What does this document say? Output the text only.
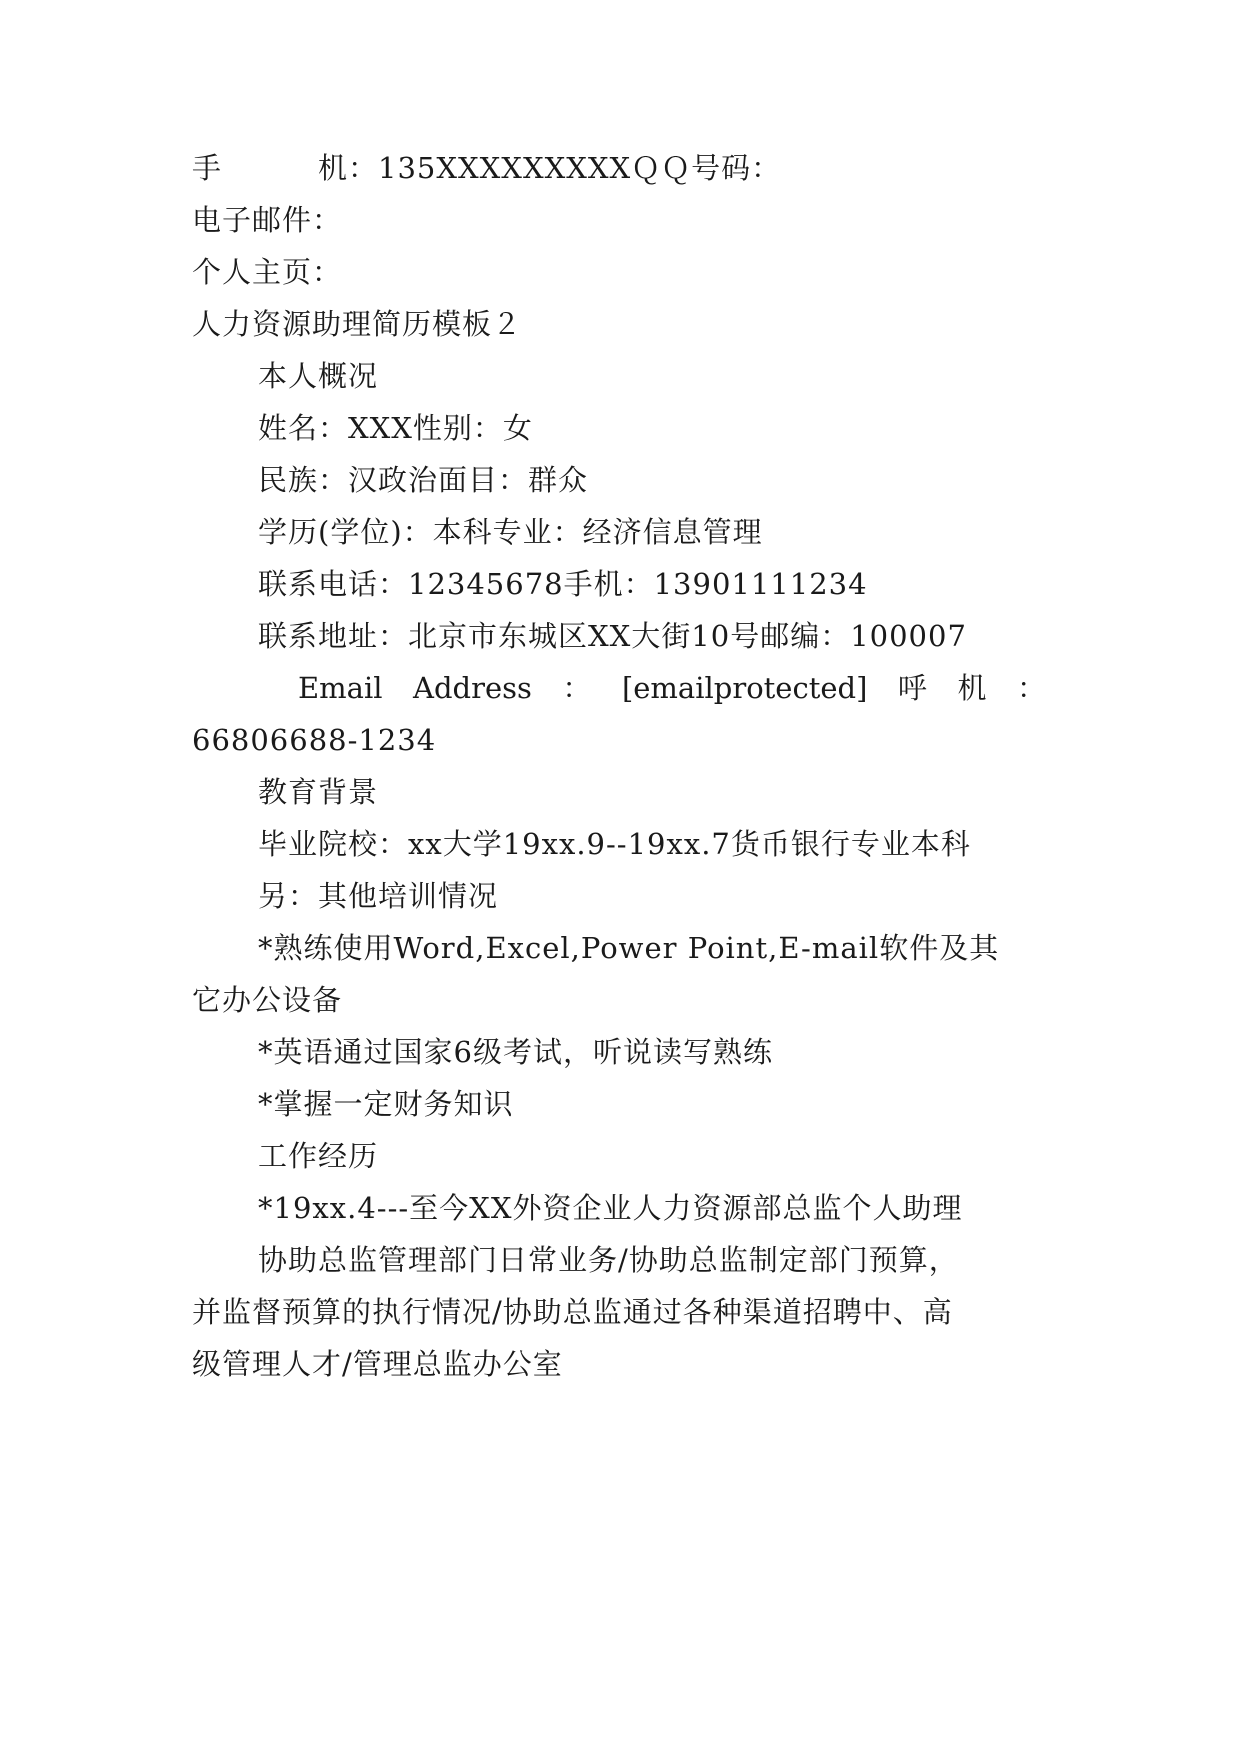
手	机：135XXXXXXXXXＱＱ号码：
电子邮件：
个人主页：
人力资源助理简历模板２
本人概况
姓名：XXX性别：女
民族：汉政治面目：群众
学历(学位)：本科专业：经济信息管理
联系电话：12345678手机：13901111234
联系地址：北京市东城区XX大街10号邮编：100007
Email Address ： [emailprotected] 呼 机 ：
66806688-1234
教育背景
毕业院校：xx大学19xx.9--19xx.7货币银行专业本科
另：其他培训情况
*熟练使用Word,Excel,Power Point,E-mail软件及其
它办公设备
*英语通过国家6级考试，听说读写熟练
*掌握一定财务知识
工作经历
*19xx.4---至今XX外资企业人力资源部总监个人助理
协助总监管理部门日常业务/协助总监制定部门预算，
并监督预算的执行情况/协助总监通过各种渠道招聘中、高
级管理人才/管理总监办公室
